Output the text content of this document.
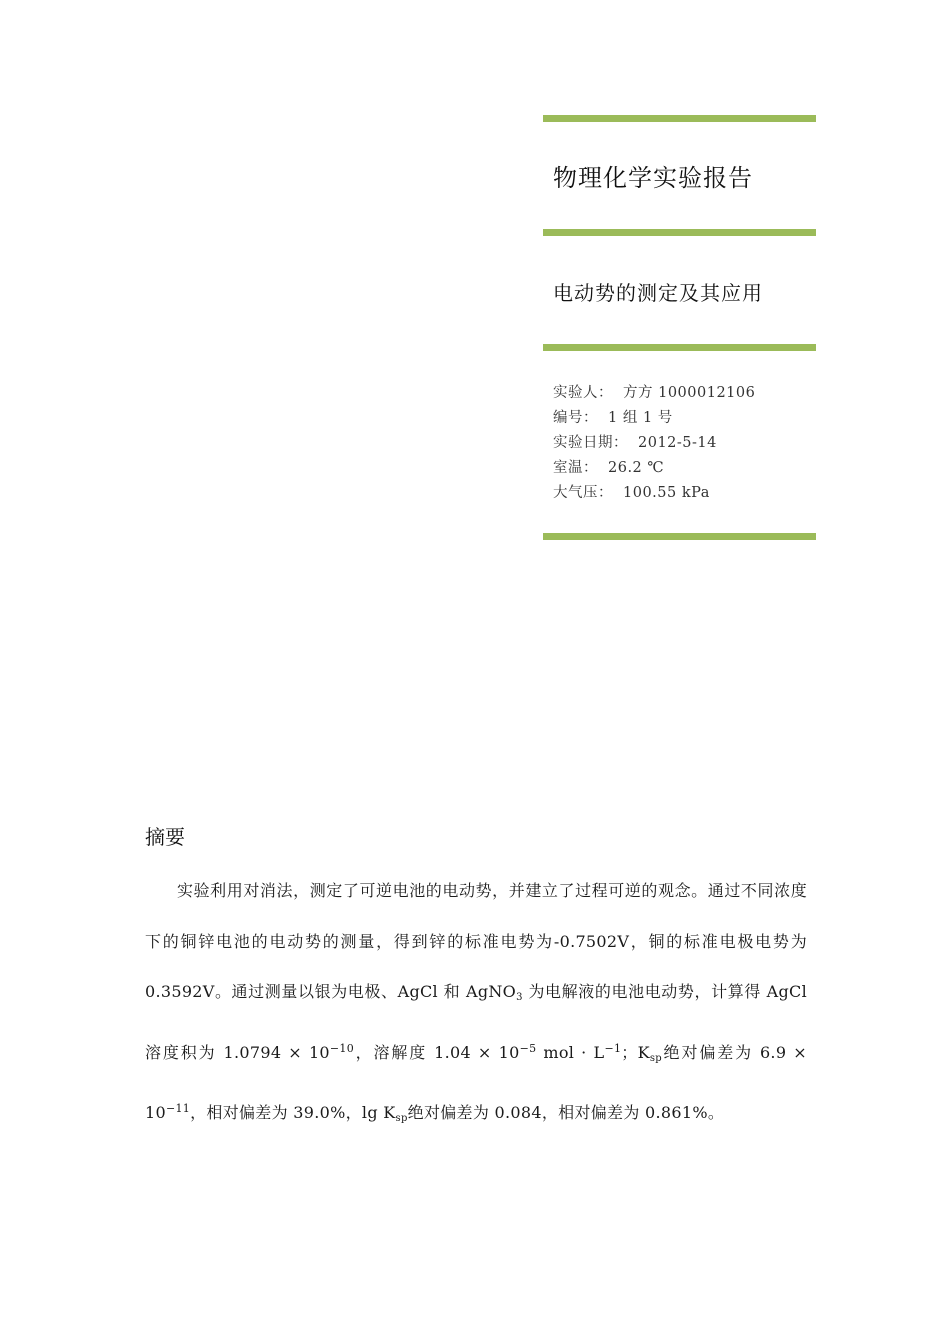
物理化学实验报告
电动势的测定及其应用
实验人： 方方 1000012106
编号： 1 组 1 号
实验日期： 2012-5-14
室温： 26.2 ℃
大气压： 100.55 kPa
摘要

实验利用对消法，测定了可逆电池的电动势，并建立了过程可逆的观念。通过不同浓度下的铜锌电池的电动势的测量，得到锌的标准电势为-0.7502V，铜的标准电极电势为 0.3592V。通过测量以银为电极、AgCl 和 AgNO$_3$ 为电解液的电池电动势，计算得 AgCl 溶度积为 $1.0794 \times 10^{-10}$，溶解度 $1.04 \times 10^{-5}$ mol · $L^{-1}$；$K_{sp}$绝对偏差为 $6.9 \times 10^{-11}$，相对偏差为 39.0%，$\lg K_{sp}$绝对偏差为 0.084，相对偏差为 0.861%。
